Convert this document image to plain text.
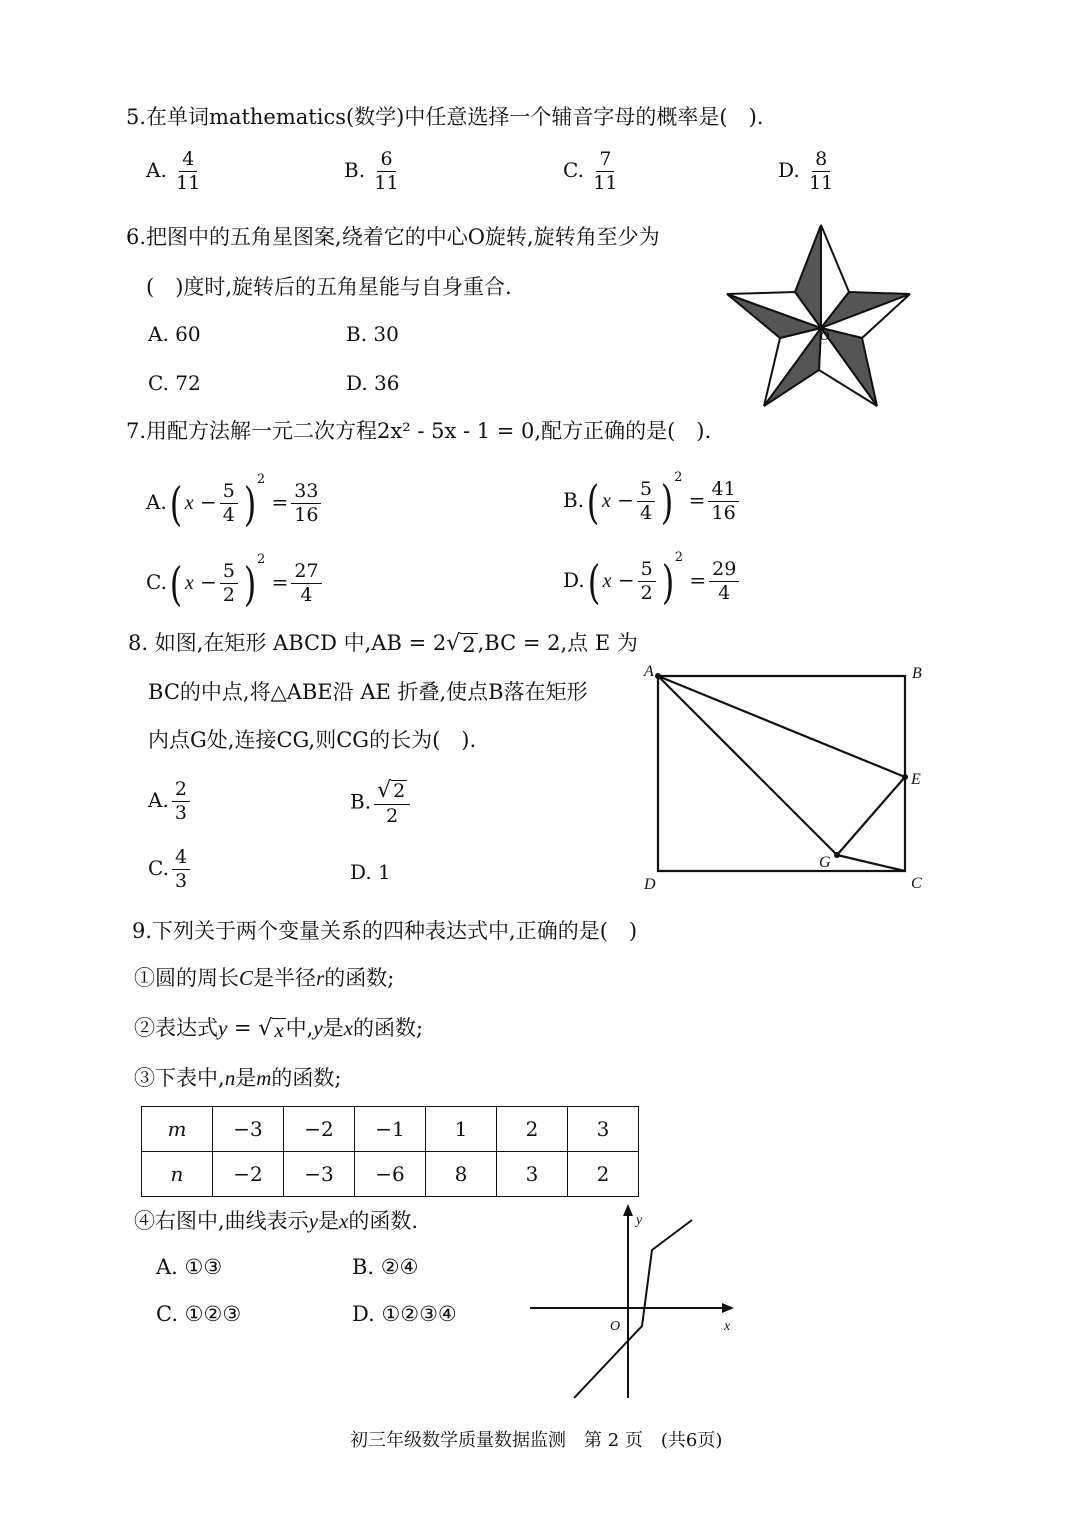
5.在单词mathematics(数学)中任意选择一个辅音字母的概率是(　).
A. $\frac{4}{11}$	B. $\frac{6}{11}$	C. $\frac{7}{11}$	D. $\frac{8}{11}$
6.把图中的五角星图案,绕着它的中心O旋转,旋转角至少为
(　)度时,旋转后的五角星能与自身重合.
A. 60	B. 30
C. 72	D. 36
O
7.用配方法解一元二次方程2x² - 5x - 1 = 0,配方正确的是(　).
A.( $x - \frac{5}{4} )^2 = \frac{33}{16}$	B.( $x - \frac{5}{4} )^2 = \frac{41}{16}$
C.( $x - \frac{5}{2} )^2 = \frac{27}{4}$	D.( $x - \frac{5}{2} )^2 = \frac{29}{4}$
8. 如图,在矩形 ABCD 中,AB = 2 √ 2 ,BC = 2,点 E 为
BC的中点,将△ABE沿 AE 折叠,使点B落在矩形
内点G处,连接CG,则CG的长为(　).
A. $\frac{2}{3}$	B. $\frac{√ 2}{2}$
C. $\frac{4}{3}$	D. 1
A	B
C
D
E
G
9.下列关于两个变量关系的四种表达式中,正确的是(　)
①圆的周长C是半径r的函数;
②表达式y = √ x 中,y是x的函数;
③下表中,n是m的函数;
m	−3	−2	−1	1	2	3
n	−2	−3	−6	8	3	2
④右图中,曲线表示y是x的函数.
A. ①③	B. ②④
C. ①②③	D. ①②③④
y
x
O
初三年级数学质量数据监测　第 2 页　(共6页)
